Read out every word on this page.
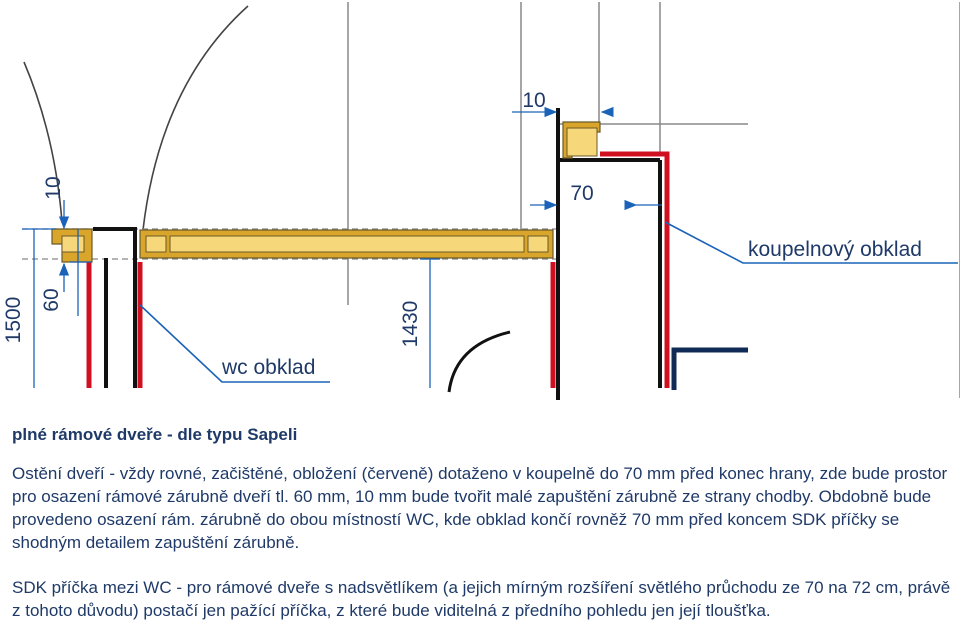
10
60
1500	1430
10
70
wc obklad
koupelnový obklad

plné rámové dveře - dle typu Sapeli

Ostění dveří - vždy rovné, začištěné, obložení (červeně) dotaženo v koupelně do 70 mm před konec hrany, zde bude prostor pro osazení rámové zárubně dveří tl. 60 mm, 10 mm bude tvořit malé zapuštění zárubně ze strany chodby. Obdobně bude provedeno osazení rám. zárubně do obou místností WC, kde obklad končí rovněž 70 mm před koncem SDK příčky se shodným detailem zapuštění zárubně.

SDK příčka mezi WC - pro rámové dveře s nadsvětlíkem (a jejich mírným rozšíření světlého průchodu ze 70 na 72 cm, právě z tohoto důvodu) postačí jen pažící příčka, z které bude viditelná z předního pohledu jen její tloušťka.
